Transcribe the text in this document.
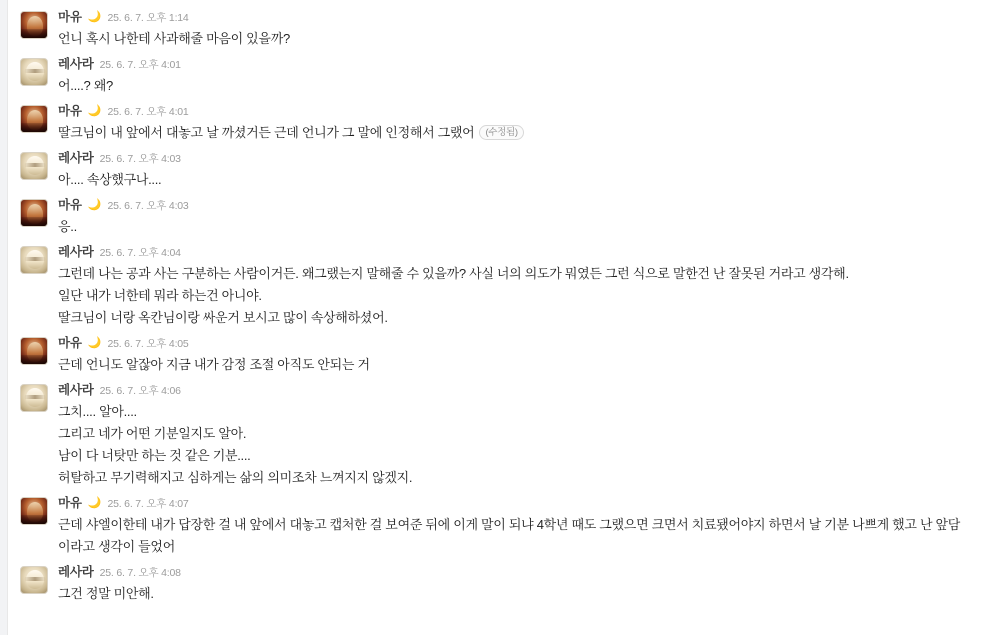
마유 🌙 25. 6. 7. 오후 1:14
언니 혹시 나한테 사과해줄 마음이 있을까?
레사라 25. 6. 7. 오후 4:01
어....? 왜?
마유 🌙 25. 6. 7. 오후 4:01
딸크님이 내 앞에서 대놓고 날 까셨거든 근데 언니가 그 말에 인정해서 그랬어 (수정됨)
레사라 25. 6. 7. 오후 4:03
아.... 속상했구나....
마유 🌙 25. 6. 7. 오후 4:03
응..
레사라 25. 6. 7. 오후 4:04
그런데 나는 공과 사는 구분하는 사람이거든. 왜그랬는지 말해줄 수 있을까? 사실 너의 의도가 뭐였든 그런 식으로 말한건 난 잘못된 거라고 생각해.
일단 내가 너한테 뭐라 하는건 아니야.
딸크님이 너랑 옥칸님이랑 싸운거 보시고 많이 속상해하셨어.
마유 🌙 25. 6. 7. 오후 4:05
근데 언니도 알잖아 지금 내가 감정 조절 아직도 안되는 거
레사라 25. 6. 7. 오후 4:06
그치.... 알아....
그리고 네가 어떤 기분일지도 알아.
남이 다 너탓만 하는 것 같은 기분....
허탈하고 무기력해지고 심하게는 삶의 의미조차 느껴지지 않겠지.
마유 🌙 25. 6. 7. 오후 4:07
근데 샤엘이한테 내가 답장한 걸 내 앞에서 대놓고 캡처한 걸 보여준 뒤에 이게 말이 되냐 4학년 때도 그랬으면 크면서 치료됐어야지 하면서 날 기분 나쁘게 했고 난 앞담
이라고 생각이 들었어
레사라 25. 6. 7. 오후 4:08
그건 정말 미안해.
